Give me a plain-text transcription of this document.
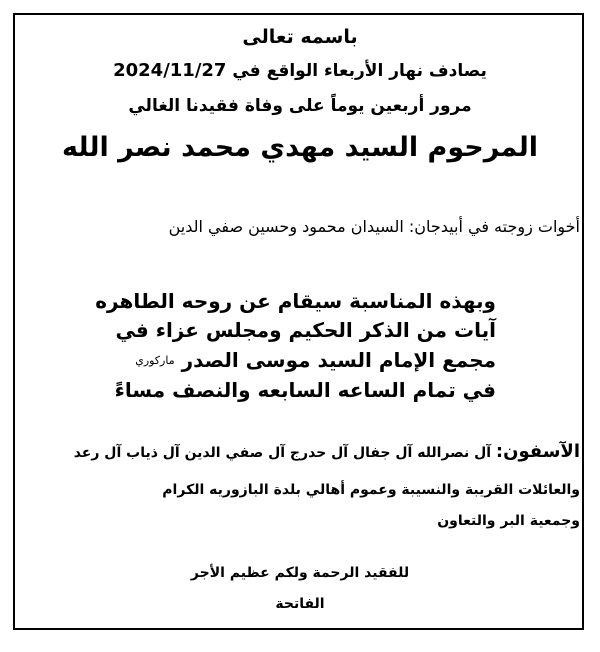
باسمه تعالى
يصادف نهار الأربعاء الواقع في 2024/11/27
مرور أربعين يوماً على وفاة فقيدنا الغالي
المرحوم السيد مهدي محمد نصر الله
أخوات زوجته في أبيدجان: السيدان محمود وحسين صفي الدين
وبهذه المناسبة سيقام عن روحه الطاهره
آيات من الذكر الحكيم ومجلس عزاء في
مجمع الإمام السيد موسى الصدر ماركوري
في تمام الساعه السابعه والنصف مساءً
الآسفون: آل نصرالله آل جفال آل حدرج آل صفي الدين آل ذياب آل رعد
والعائلات القريبة والنسيبة وعموم أهالي بلدة البازوريه الكرام
وجمعية البر والتعاون
للفقيد الرحمة ولكم عظيم الأجر
الفاتحة
